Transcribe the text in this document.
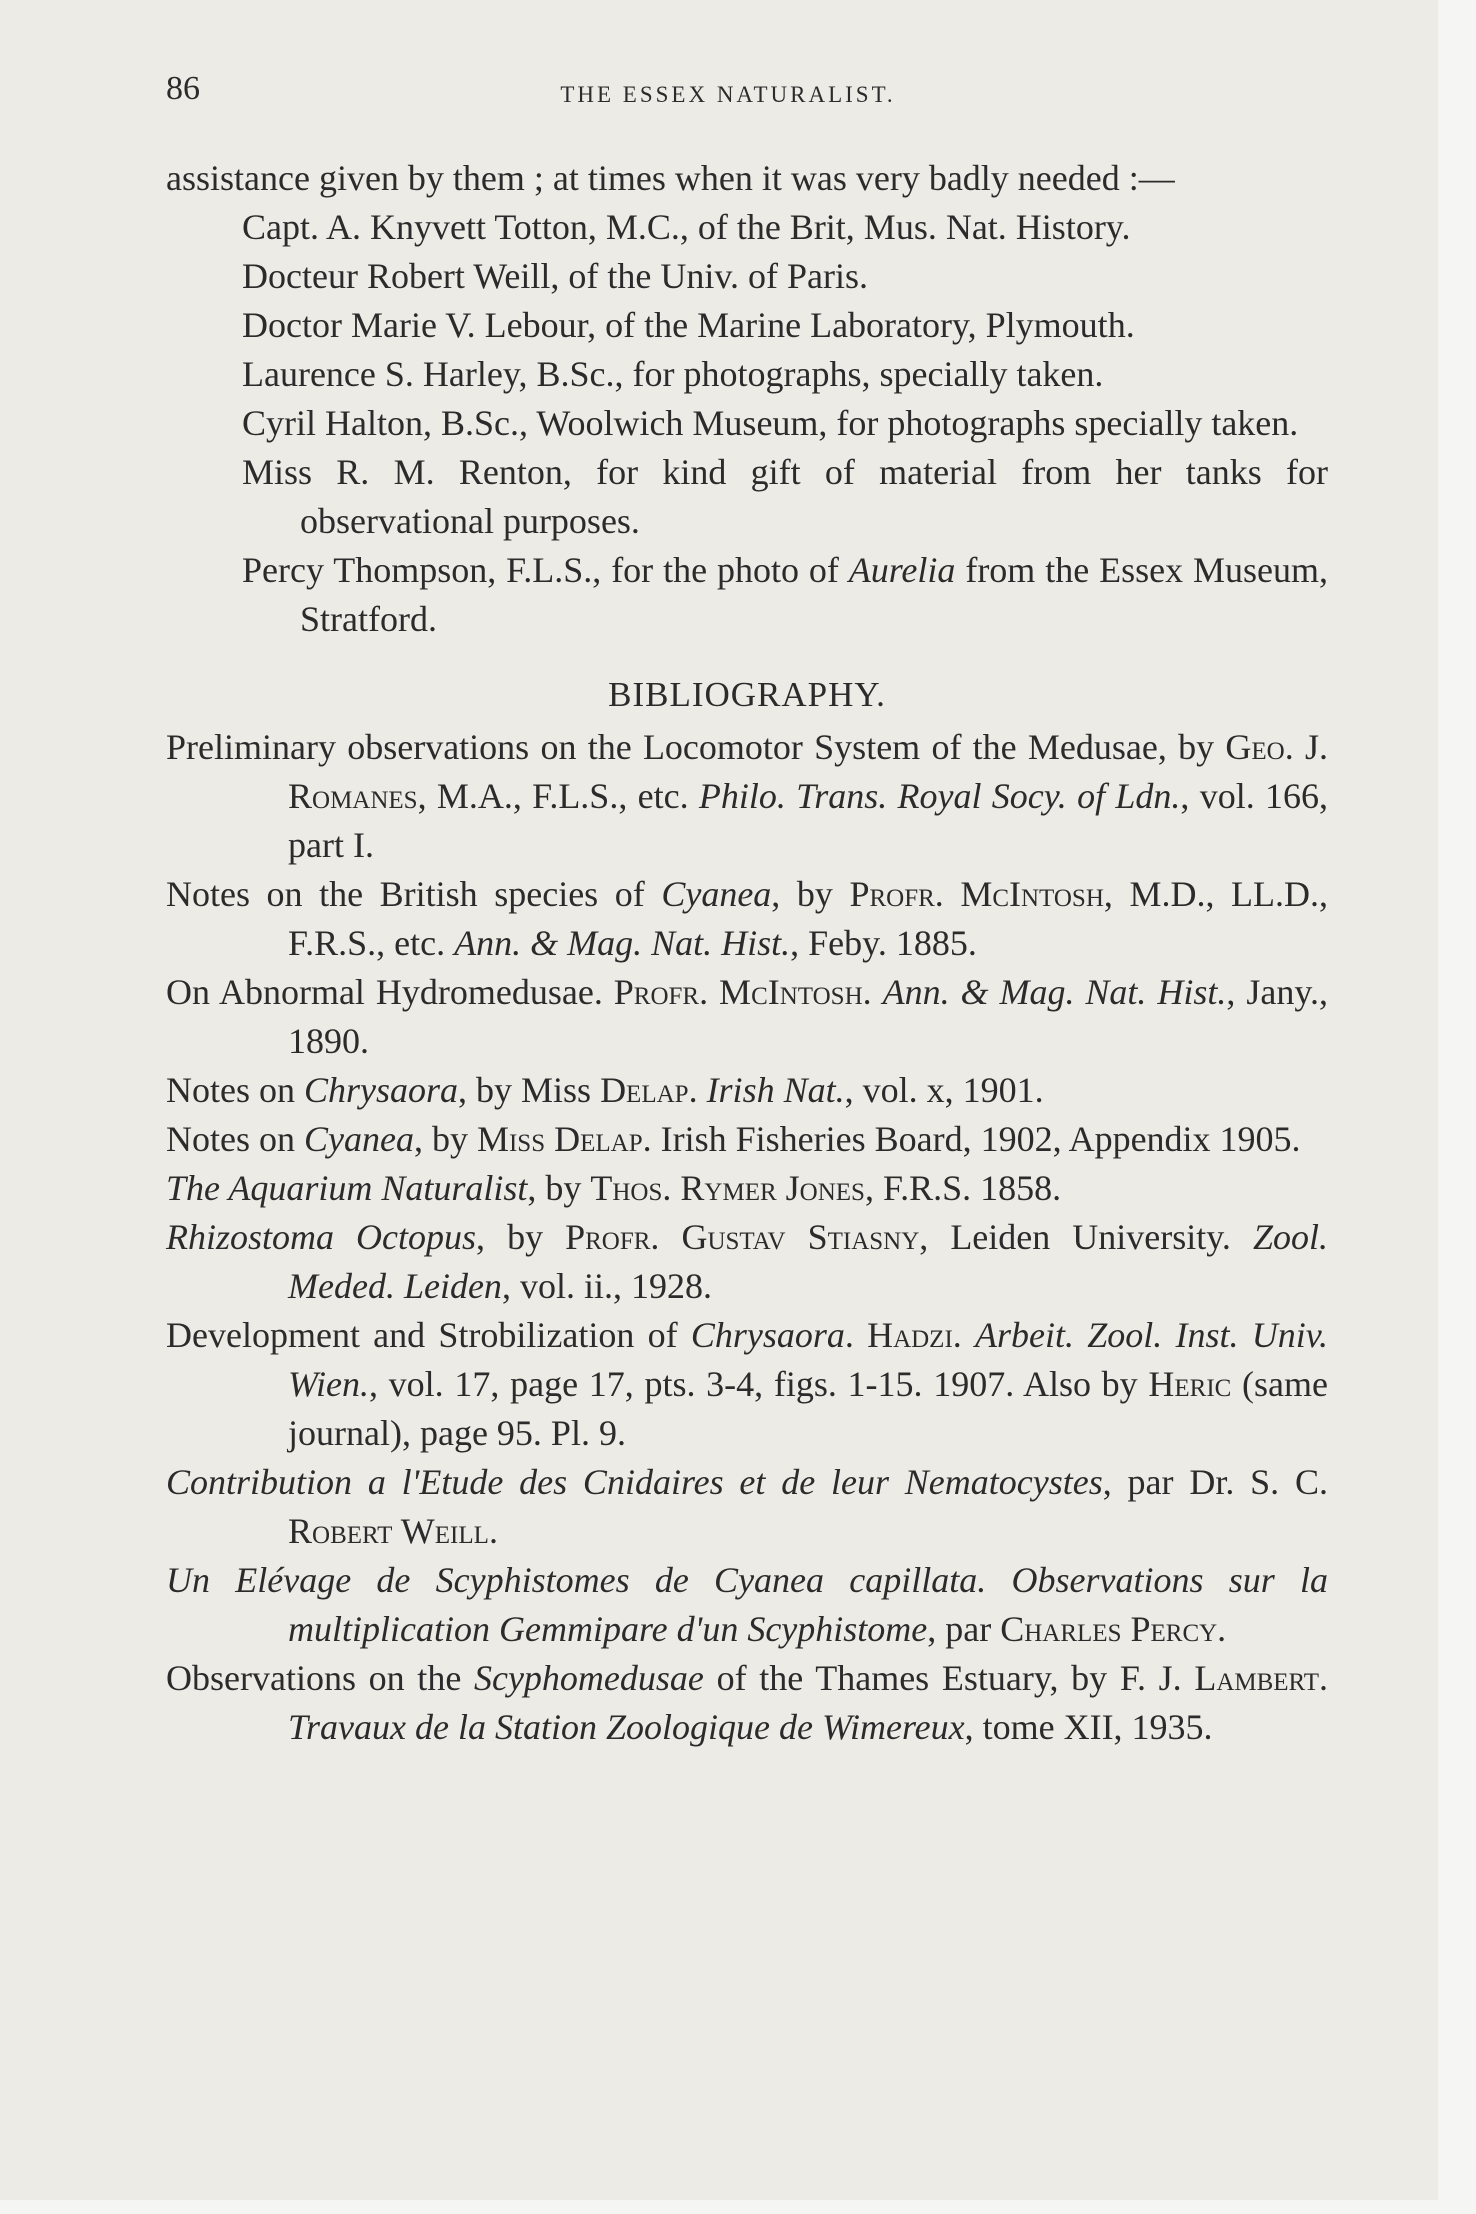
86	THE ESSEX NATURALIST.

assistance given by them ; at times when it was very badly needed :—

Capt. A. Knyvett Totton, M.C., of the Brit, Mus. Nat. History.
Docteur Robert Weill, of the Univ. of Paris.
Doctor Marie V. Lebour, of the Marine Laboratory, Plymouth.
Laurence S. Harley, B.Sc., for photographs, specially taken.
Cyril Halton, B.Sc., Woolwich Museum, for photographs specially taken.
Miss R. M. Renton, for kind gift of material from her tanks for observational purposes.
Percy Thompson, F.L.S., for the photo of Aurelia from the Essex Museum, Stratford.
BIBLIOGRAPHY.
Preliminary observations on the Locomotor System of the Medusae, by Geo. J. Romanes, M.A., F.L.S., etc. Philo. Trans. Royal Socy. of Ldn., vol. 166, part I.
Notes on the British species of Cyanea, by Profr. McIntosh, M.D., LL.D., F.R.S., etc. Ann. & Mag. Nat. Hist., Feby. 1885.
On Abnormal Hydromedusae. Profr. McIntosh. Ann. & Mag. Nat. Hist., Jany., 1890.
Notes on Chrysaora, by Miss Delap. Irish Nat., vol. x, 1901.
Notes on Cyanea, by Miss Delap. Irish Fisheries Board, 1902, Appendix 1905.
The Aquarium Naturalist, by Thos. Rymer Jones, F.R.S. 1858.
Rhizostoma Octopus, by Profr. Gustav Stiasny, Leiden University. Zool. Meded. Leiden, vol. ii., 1928.
Development and Strobilization of Chrysaora. Hadzi. Arbeit. Zool. Inst. Univ. Wien., vol. 17, page 17, pts. 3-4, figs. 1-15. 1907. Also by Heric (same journal), page 95. Pl. 9.
Contribution a l'Etude des Cnidaires et de leur Nematocystes, par Dr. S. C. Robert Weill.
Un Elévage de Scyphistomes de Cyanea capillata. Observations sur la multiplication Gemmipare d'un Scyphistome, par Charles Percy.
Observations on the Scyphomedusae of the Thames Estuary, by F. J. Lambert. Travaux de la Station Zoologique de Wimereux, tome XII, 1935.
